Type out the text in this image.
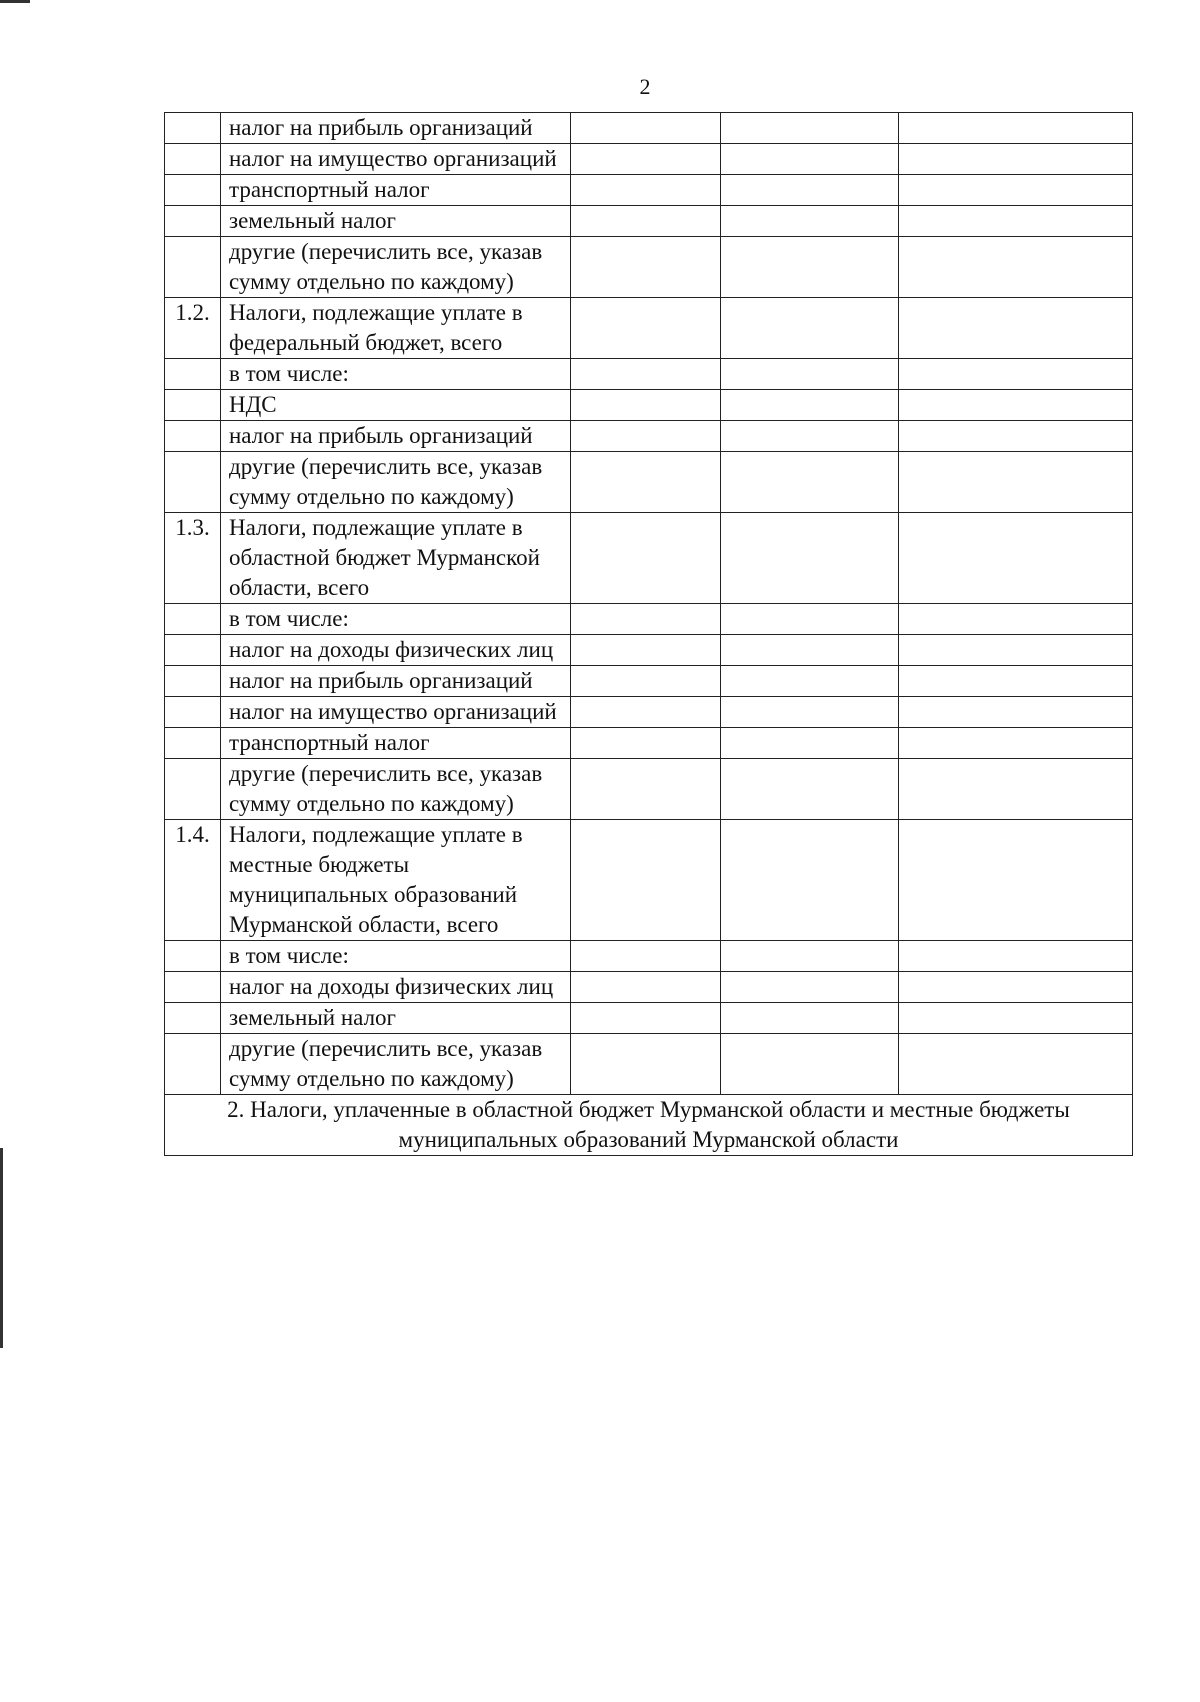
2
	налог на прибыль организаций			
	налог на имущество организаций			
	транспортный налог			
	земельный налог			
	другие (перечислить все, указав сумму отдельно по каждому)			
1.2.	Налоги, подлежащие уплате в федеральный бюджет, всего			
	в том числе:			
	НДС			
	налог на прибыль организаций			
	другие (перечислить все, указав сумму отдельно по каждому)			
1.3.	Налоги, подлежащие уплате в областной бюджет Мурманской области, всего			
	в том числе:			
	налог на доходы физических лиц			
	налог на прибыль организаций			
	налог на имущество организаций			
	транспортный налог			
	другие (перечислить все, указав сумму отдельно по каждому)			
1.4.	Налоги, подлежащие уплате в местные бюджеты муниципальных образований Мурманской области, всего			
	в том числе:			
	налог на доходы физических лиц			
	земельный налог			
	другие (перечислить все, указав сумму отдельно по каждому)			
2. Налоги, уплаченные в областной бюджет Мурманской области и местные бюджеты муниципальных образований Мурманской области				
